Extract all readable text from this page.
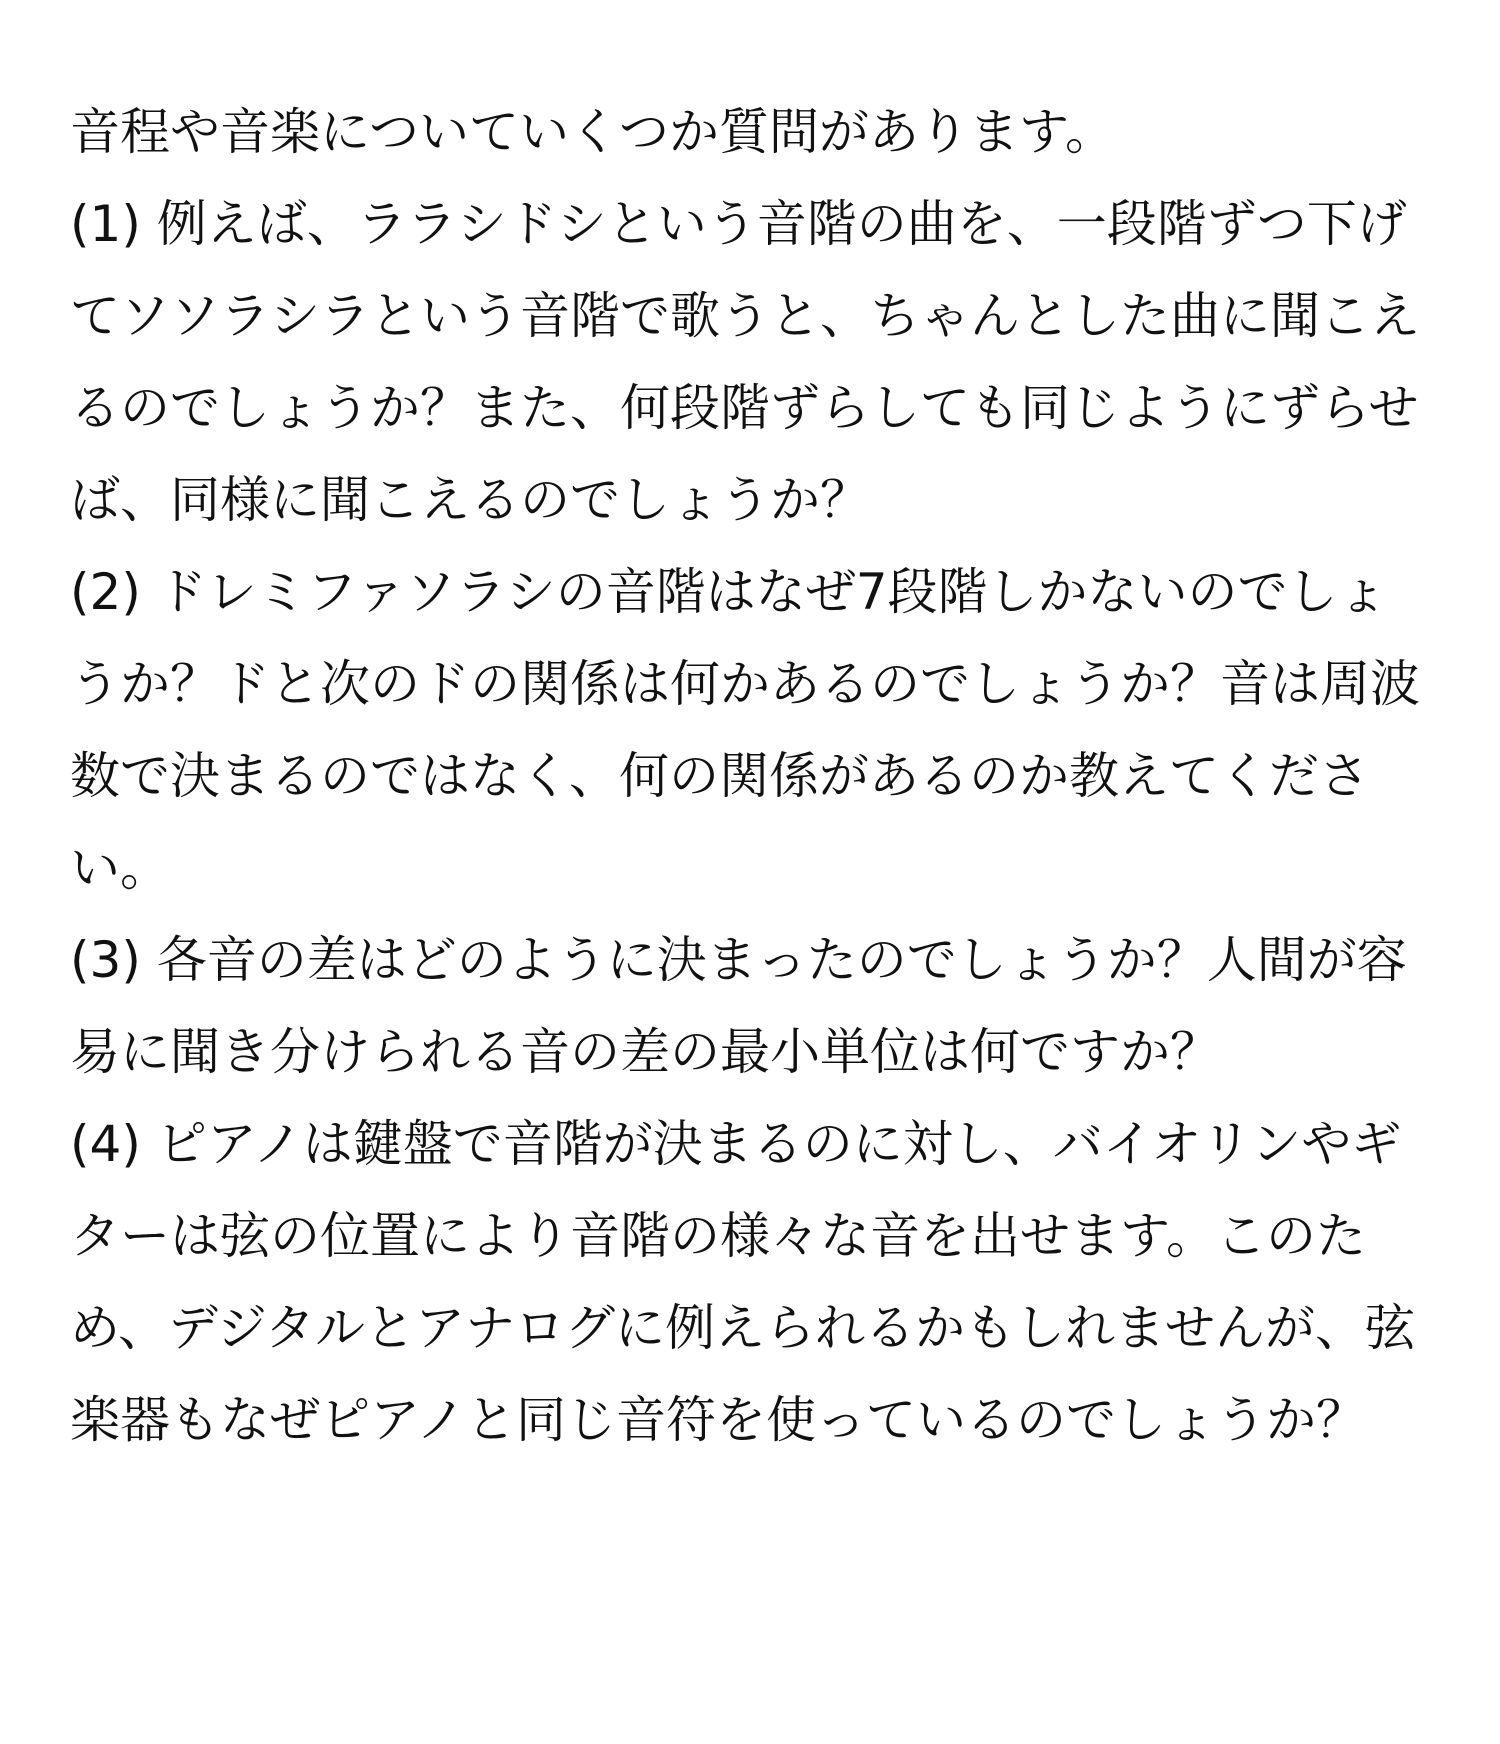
音程や音楽についていくつか質問があります。

(1) 例えば、ララシドシという音階の曲を、一段階ずつ下げてソソラシラという音階で歌うと、ちゃんとした曲に聞こえるのでしょうか？また、何段階ずらしても同じようにずらせば、同様に聞こえるのでしょうか？

(2) ドレミファソラシの音階はなぜ7段階しかないのでしょうか？ドと次のドの関係は何かあるのでしょうか？音は周波数で決まるのではなく、何の関係があるのか教えてください。

(3) 各音の差はどのように決まったのでしょうか？人間が容易に聞き分けられる音の差の最小単位は何ですか？

(4) ピアノは鍵盤で音階が決まるのに対し、バイオリンやギターは弦の位置により音階の様々な音を出せます。このため、デジタルとアナログに例えられるかもしれませんが、弦楽器もなぜピアノと同じ音符を使っているのでしょうか？
